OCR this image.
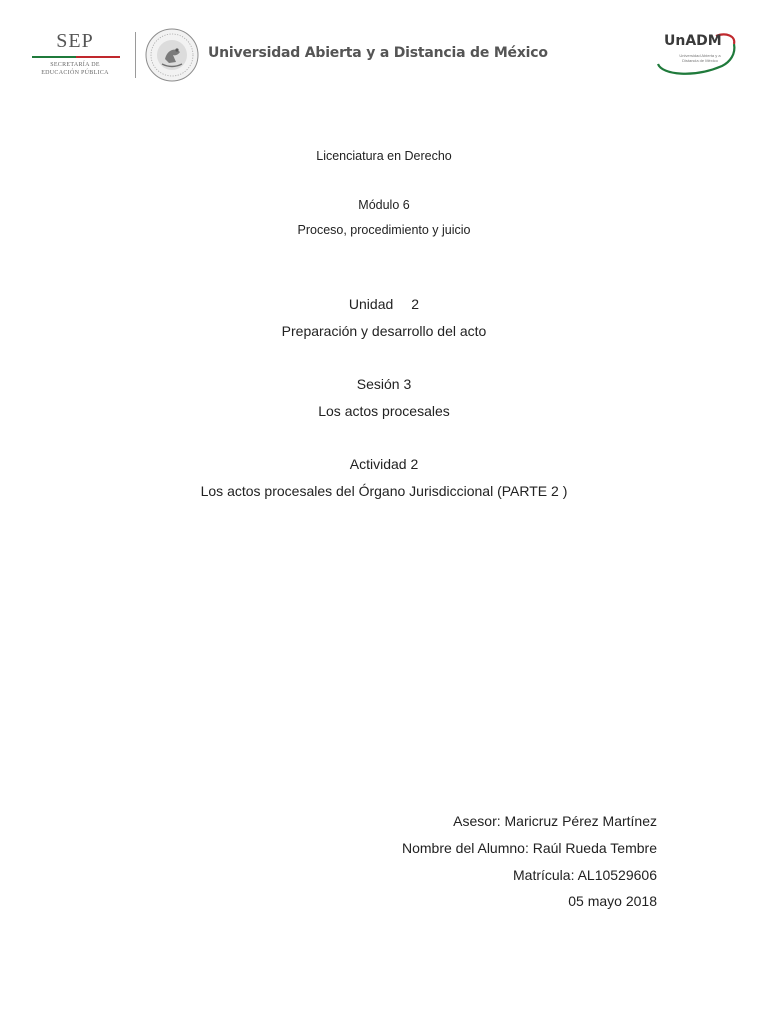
SEP
SECRETARÍA DE
EDUCACIÓN PÚBLICA
Universidad Abierta y a Distancia de México
UnADM
Universidad Abierta y a
Distancia de México
Licenciatura en Derecho
Módulo 6
Proceso, procedimiento y juicio
Unidad 2
Preparación y desarrollo del acto
Sesión 3
Los actos procesales
Actividad 2
Los actos procesales del Órgano Jurisdiccional (PARTE 2 )
Asesor: Maricruz Pérez Martínez
Nombre del Alumno: Raúl Rueda Tembre
Matrícula: AL10529606
05 mayo 2018
